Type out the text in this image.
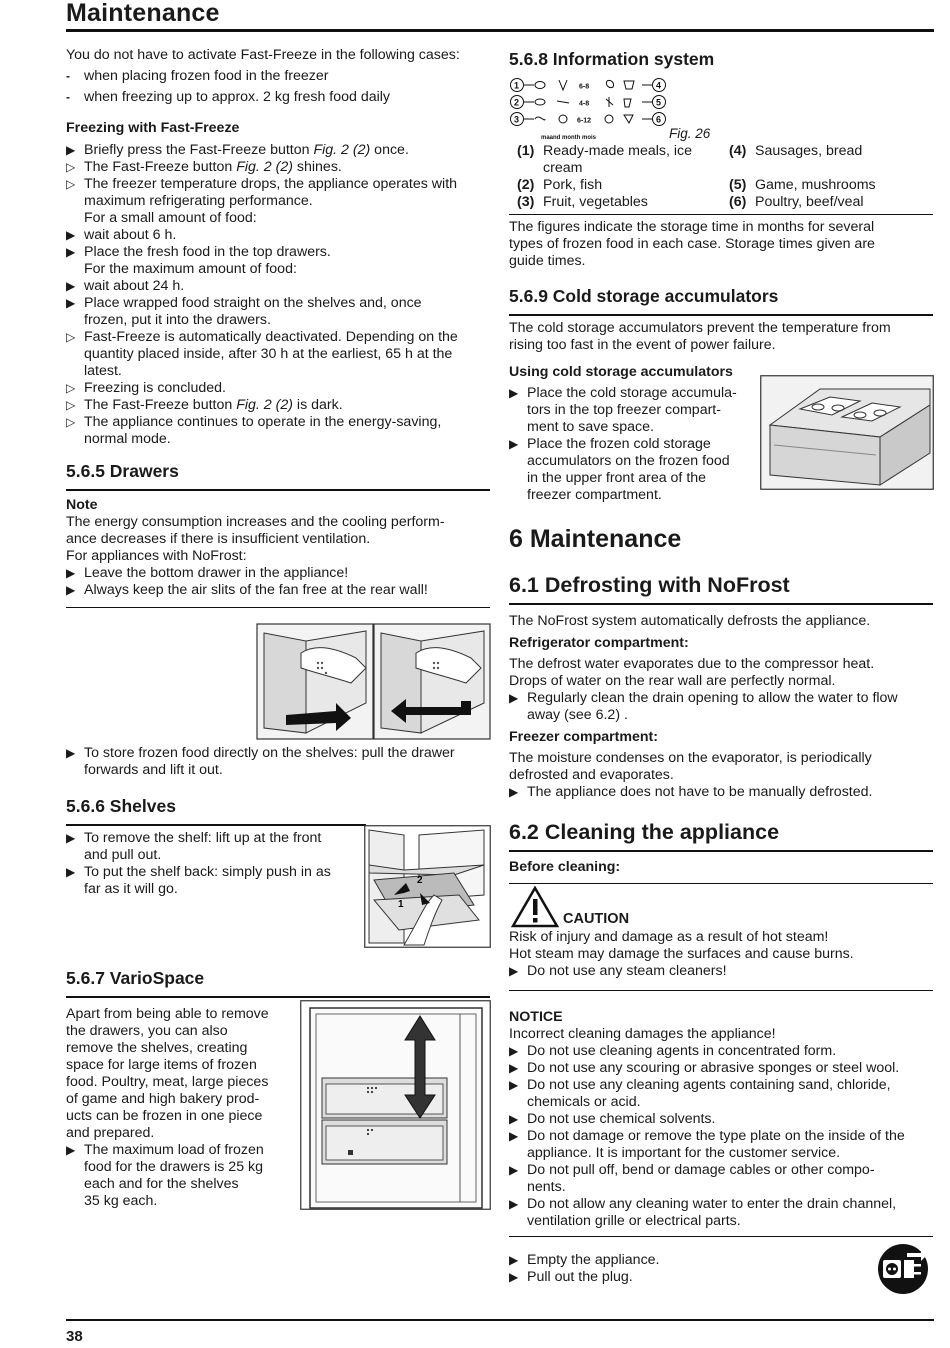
Maintenance
You do not have to activate Fast-Freeze in the following cases:
- when placing frozen food in the freezer
- when freezing up to approx. 2 kg fresh food daily
Freezing with Fast-Freeze
▶ Briefly press the Fast-Freeze button Fig. 2 (2) once.
▷ The Fast-Freeze button Fig. 2 (2) shines.
▷ The freezer temperature drops, the appliance operates with
maximum refrigerating performance.
For a small amount of food:
▶ wait about 6 h.
▶ Place the fresh food in the top drawers.
For the maximum amount of food:
▶ wait about 24 h.
▶ Place wrapped food straight on the shelves and, once
frozen, put it into the drawers.
▷ Fast-Freeze is automatically deactivated. Depending on the
quantity placed inside, after 30 h at the earliest, 65 h at the
latest.
▷ Freezing is concluded.
▷ The Fast-Freeze button Fig. 2 (2) is dark.
▷ The appliance continues to operate in the energy-saving,
normal mode.
5.6.5 Drawers
Note
The energy consumption increases and the cooling perform-
ance decreases if there is insufficient ventilation.
For appliances with NoFrost:
▶ Leave the bottom drawer in the appliance!
▶ Always keep the air slits of the fan free at the rear wall!
▶ To store frozen food directly on the shelves: pull the drawer
forwards and lift it out.
5.6.6 Shelves
▶ To remove the shelf: lift up at the front
and pull out.
▶ To put the shelf back: simply push in as
far as it will go.
2
1
5.6.7 VarioSpace
Apart from being able to remove
the drawers, you can also
remove the shelves, creating
space for large items of frozen
food. Poultry, meat, large pieces
of game and high bakery prod-
ucts can be frozen in one piece
and prepared.
▶ The maximum load of frozen
food for the drawers is 25 kg
each and for the shelves
35 kg each.
5.6.8 Information system
1
2
3
4
5
6
6-8
4-8
6-12
maand month mois	Fig. 26
(1) Ready-made meals, ice	(4) Sausages, bread
cream
(2) Pork, fish	(5) Game, mushrooms
(3) Fruit, vegetables	(6) Poultry, beef/veal
The figures indicate the storage time in months for several
types of frozen food in each case. Storage times given are
guide times.
5.6.9 Cold storage accumulators
The cold storage accumulators prevent the temperature from
rising too fast in the event of power failure.
Using cold storage accumulators
▶ Place the cold storage accumula-
tors in the top freezer compart-
ment to save space.
▶ Place the frozen cold storage
accumulators on the frozen food
in the upper front area of the
freezer compartment.
6 Maintenance
6.1 Defrosting with NoFrost
The NoFrost system automatically defrosts the appliance.
Refrigerator compartment:
The defrost water evaporates due to the compressor heat.
Drops of water on the rear wall are perfectly normal.
▶ Regularly clean the drain opening to allow the water to flow
away (see 6.2) .
Freezer compartment:
The moisture condenses on the evaporator, is periodically
defrosted and evaporates.
▶ The appliance does not have to be manually defrosted.
6.2 Cleaning the appliance
Before cleaning:
CAUTION
Risk of injury and damage as a result of hot steam!
Hot steam may damage the surfaces and cause burns.
▶ Do not use any steam cleaners!
NOTICE
Incorrect cleaning damages the appliance!
▶ Do not use cleaning agents in concentrated form.
▶ Do not use any scouring or abrasive sponges or steel wool.
▶ Do not use any cleaning agents containing sand, chloride,
chemicals or acid.
▶ Do not use chemical solvents.
▶ Do not damage or remove the type plate on the inside of the
appliance. It is important for the customer service.
▶ Do not pull off, bend or damage cables or other compo-
nents.
▶ Do not allow any cleaning water to enter the drain channel,
ventilation grille or electrical parts.
▶ Empty the appliance.
▶ Pull out the plug.
38
